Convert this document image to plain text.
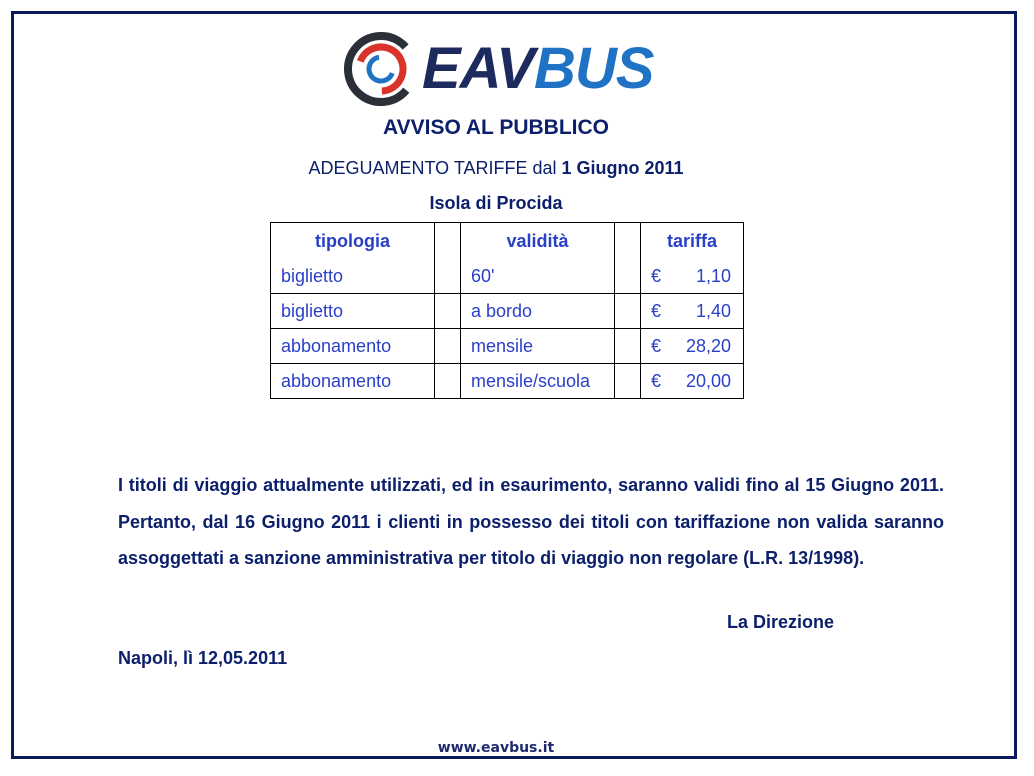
EAVBUS
AVVISO AL PUBBLICO
ADEGUAMENTO TARIFFE dal 1 Giugno 2011
Isola di Procida
tipologia		validità		tariffa
biglietto		60'		€ 1,10
biglietto		a bordo		€ 1,40
abbonamento		mensile		€ 28,20
abbonamento		mensile/scuola		€ 20,00
I titoli di viaggio attualmente utilizzati, ed in esaurimento, saranno validi fino al 15 Giugno 2011. Pertanto, dal 16 Giugno 2011 i clienti in possesso dei titoli con tariffazione non valida saranno assoggettati a sanzione amministrativa per titolo di viaggio non regolare (L.R. 13/1998).
La Direzione
Napoli, lì 12,05.2011
www.eavbus.it
